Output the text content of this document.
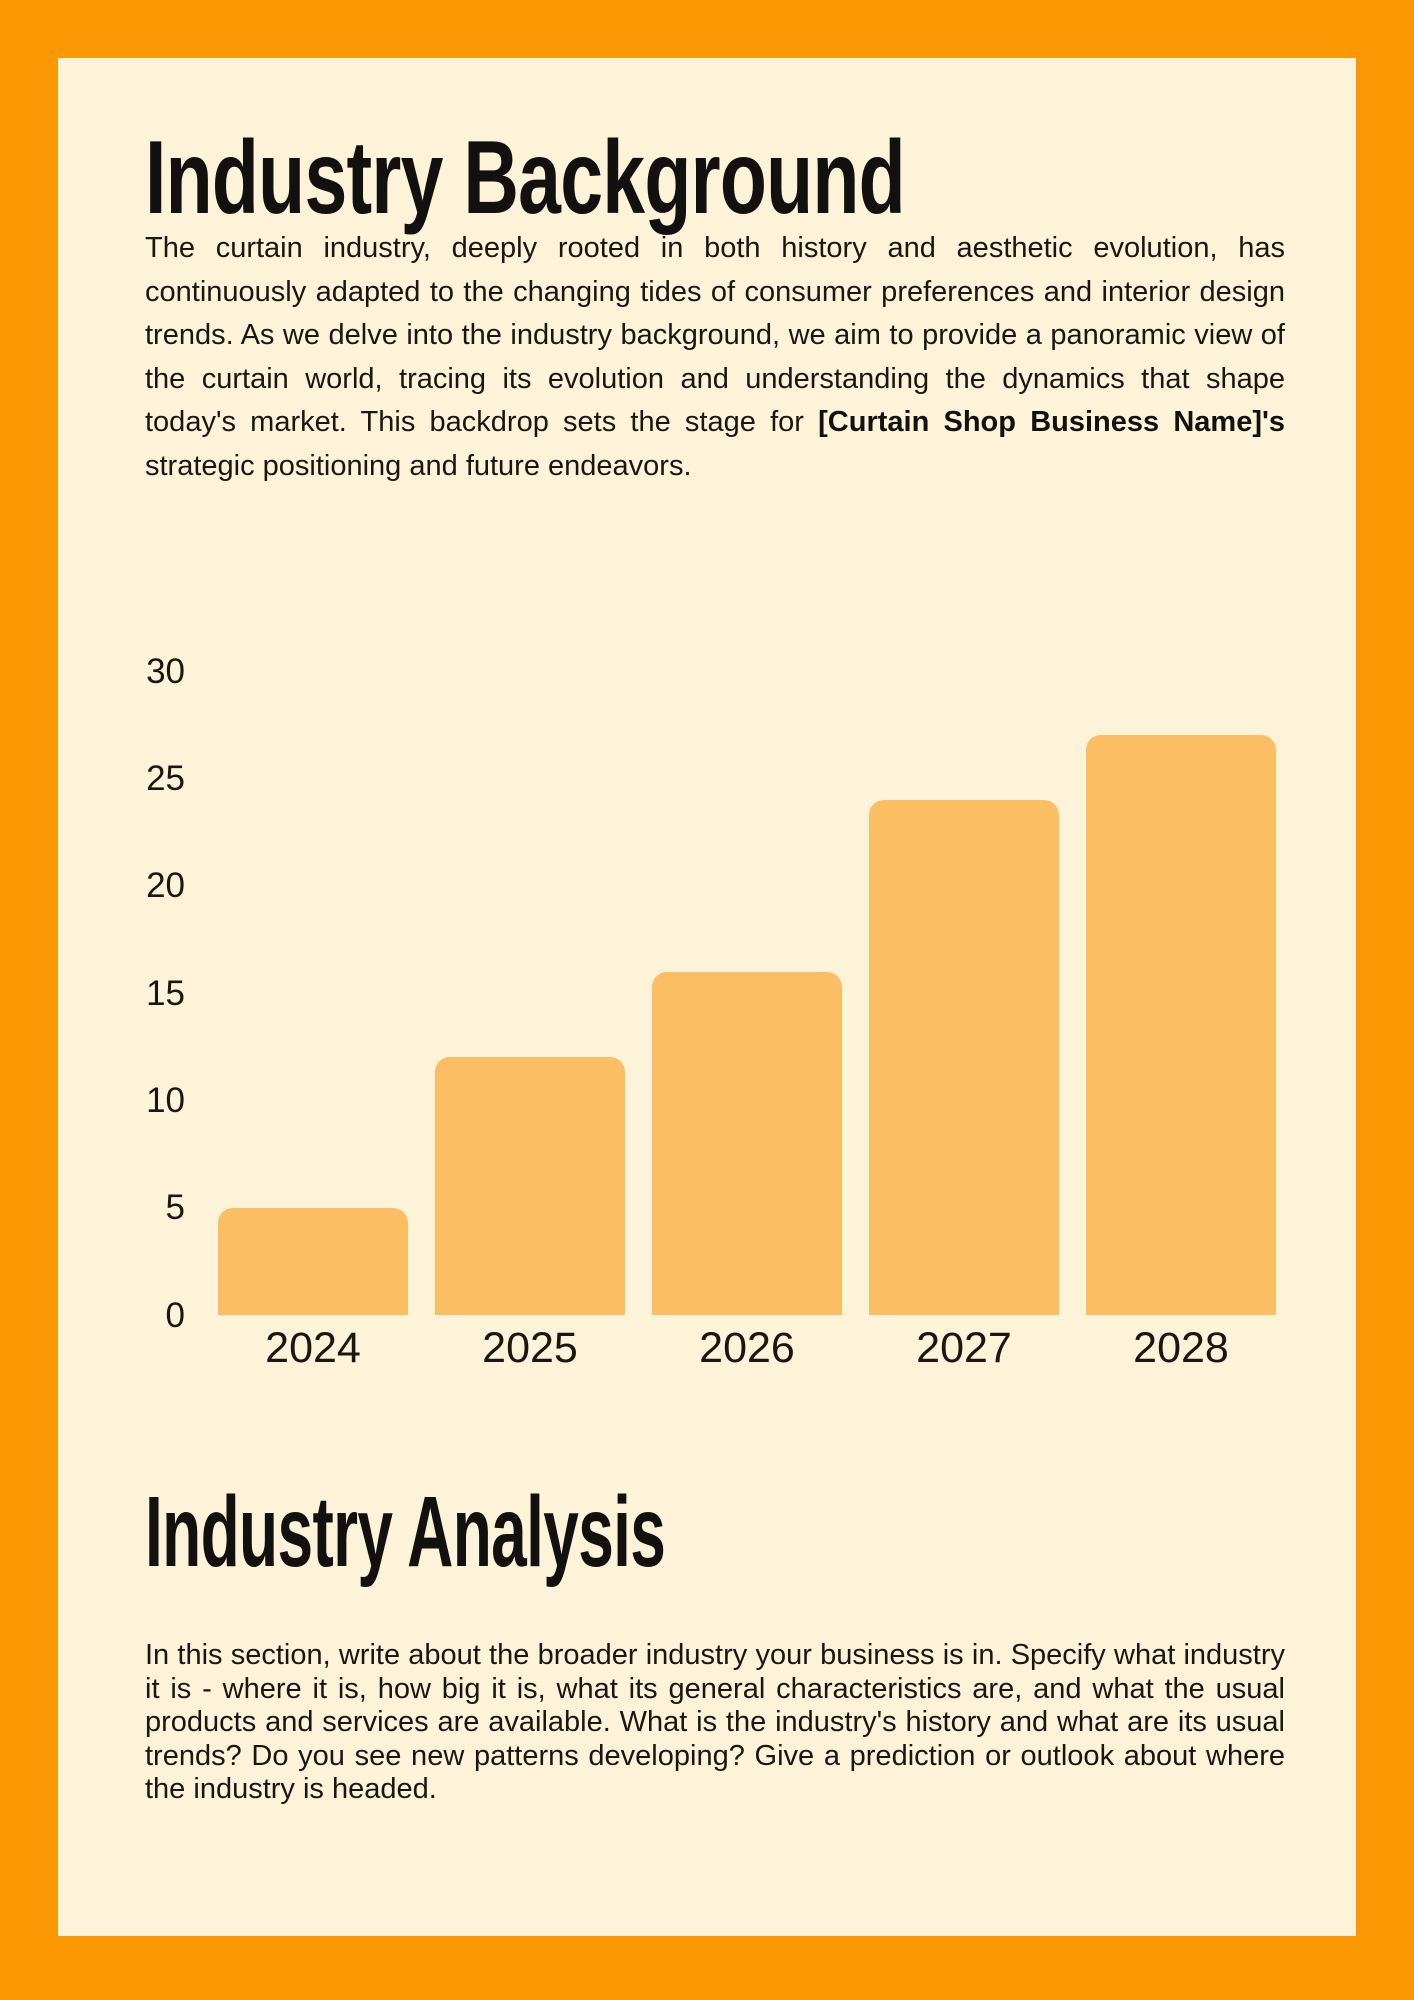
Industry Background

The curtain industry, deeply rooted in both history and aesthetic evolution, has continuously adapted to the changing tides of consumer preferences and interior design trends. As we delve into the industry background, we aim to provide a panoramic view of the curtain world, tracing its evolution and understanding the dynamics that shape today's market. This backdrop sets the stage for [Curtain Shop Business Name]'s strategic positioning and future endeavors.

30
25
20
15
10
5
0
2024	2025	2026	2027	2028
Industry Analysis

In this section, write about the broader industry your business is in. Specify what industry it is - where it is, how big it is, what its general characteristics are, and what the usual products and services are available. What is the industry's history and what are its usual trends? Do you see new patterns developing? Give a prediction or outlook about where the industry is headed.
